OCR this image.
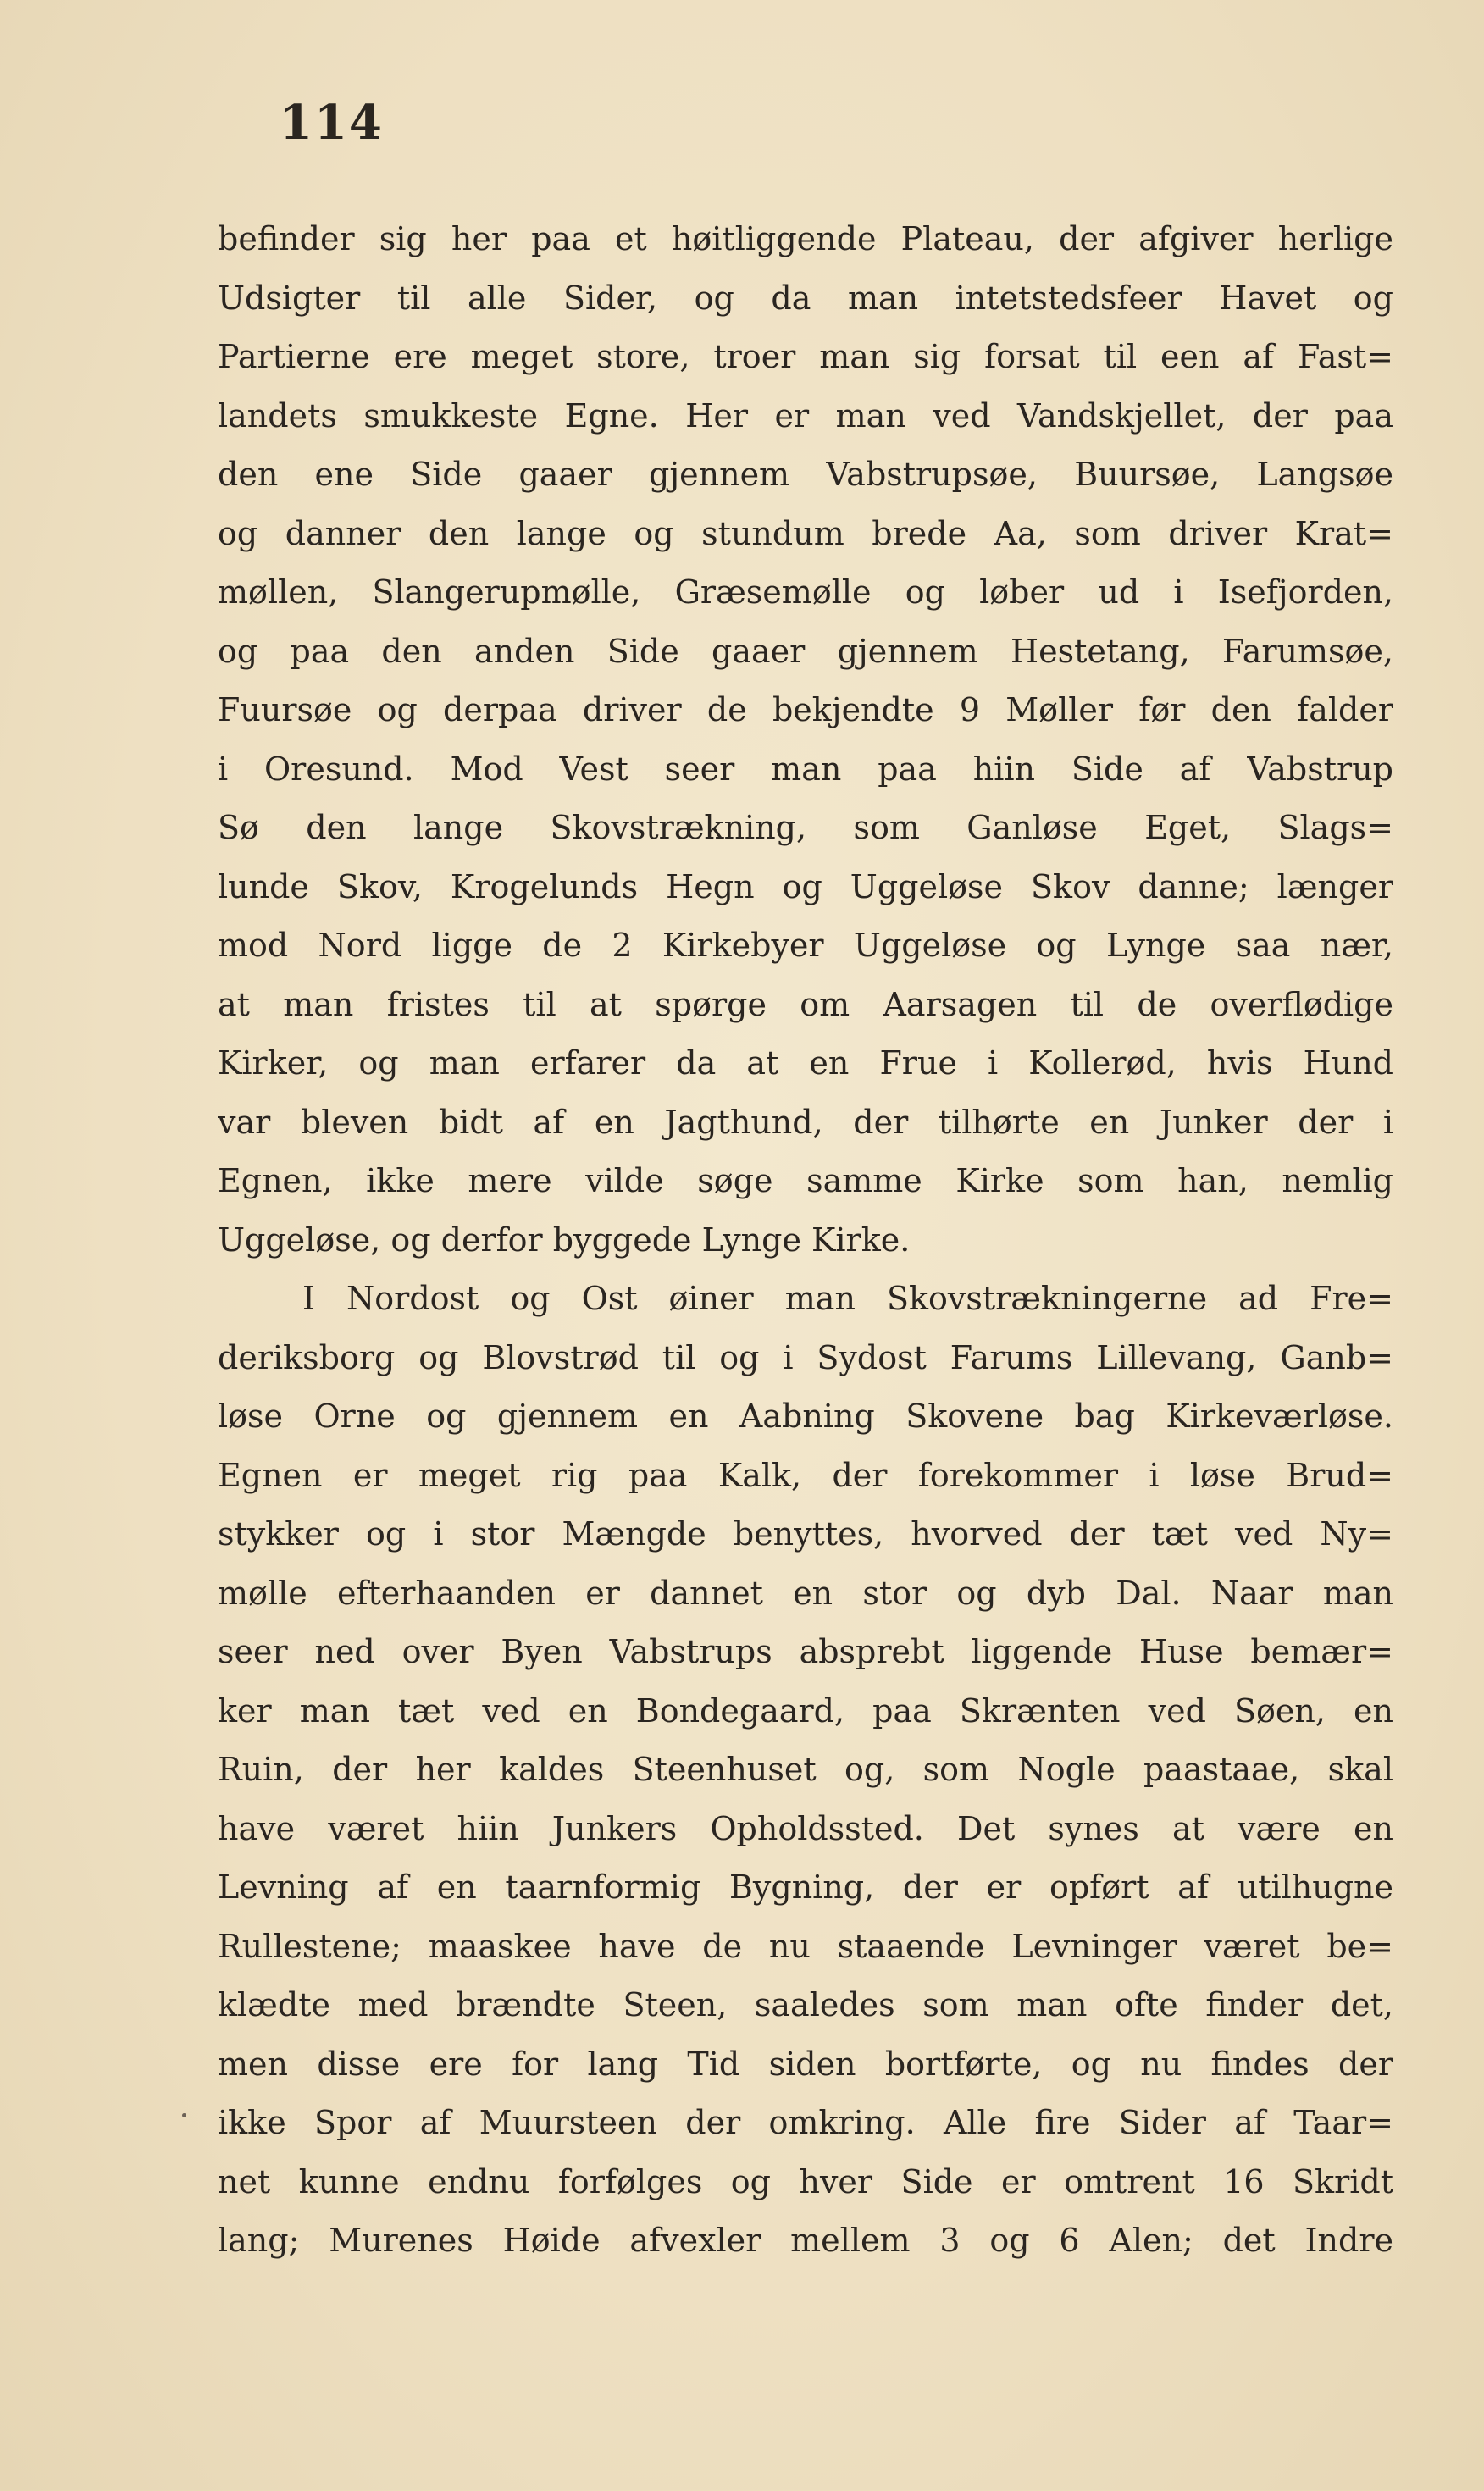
114
befinder sig her paa et høitliggende Plateau, der afgiver herlige
Udsigter til alle Sider, og da man intetstedsfeer Havet og
Partierne ere meget store, troer man sig forsat til een af Fast=
landets smukkeste Egne. Her er man ved Vandskjellet, der paa
den ene Side gaaer gjennem Vabstrupsøe, Buursøe, Langsøe
og danner den lange og stundum brede Aa, som driver Krat=
møllen, Slangerupmølle, Græsemølle og løber ud i Isefjorden,
og paa den anden Side gaaer gjennem Hestetang, Farumsøe,
Fuursøe og derpaa driver de bekjendte 9 Møller før den falder
i Oresund. Mod Vest seer man paa hiin Side af Vabstrup
Sø den lange Skovstrækning, som Ganløse Eget, Slags=
lunde Skov, Krogelunds Hegn og Uggeløse Skov danne; længer
mod Nord ligge de 2 Kirkebyer Uggeløse og Lynge saa nær,
at man fristes til at spørge om Aarsagen til de overflødige
Kirker, og man erfarer da at en Frue i Kollerød, hvis Hund
var bleven bidt af en Jagthund, der tilhørte en Junker der i
Egnen, ikke mere vilde søge samme Kirke som han, nemlig
Uggeløse, og derfor byggede Lynge Kirke.
I Nordost og Ost øiner man Skovstrækningerne ad Fre=
deriksborg og Blovstrød til og i Sydost Farums Lillevang, Ganb=
løse Orne og gjennem en Aabning Skovene bag Kirkeværløse.
Egnen er meget rig paa Kalk, der forekommer i løse Brud=
stykker og i stor Mængde benyttes, hvorved der tæt ved Ny=
mølle efterhaanden er dannet en stor og dyb Dal. Naar man
seer ned over Byen Vabstrups absprebt liggende Huse bemær=
ker man tæt ved en Bondegaard, paa Skrænten ved Søen, en
Ruin, der her kaldes Steenhuset og, som Nogle paastaae, skal
have været hiin Junkers Opholdssted. Det synes at være en
Levning af en taarnformig Bygning, der er opført af utilhugne
Rullestene; maaskee have de nu staaende Levninger været be=
klædte med brændte Steen, saaledes som man ofte finder det,
men disse ere for lang Tid siden bortførte, og nu findes der
ikke Spor af Muursteen der omkring. Alle fire Sider af Taar=
net kunne endnu forfølges og hver Side er omtrent 16 Skridt
lang; Murenes Høide afvexler mellem 3 og 6 Alen; det Indre
